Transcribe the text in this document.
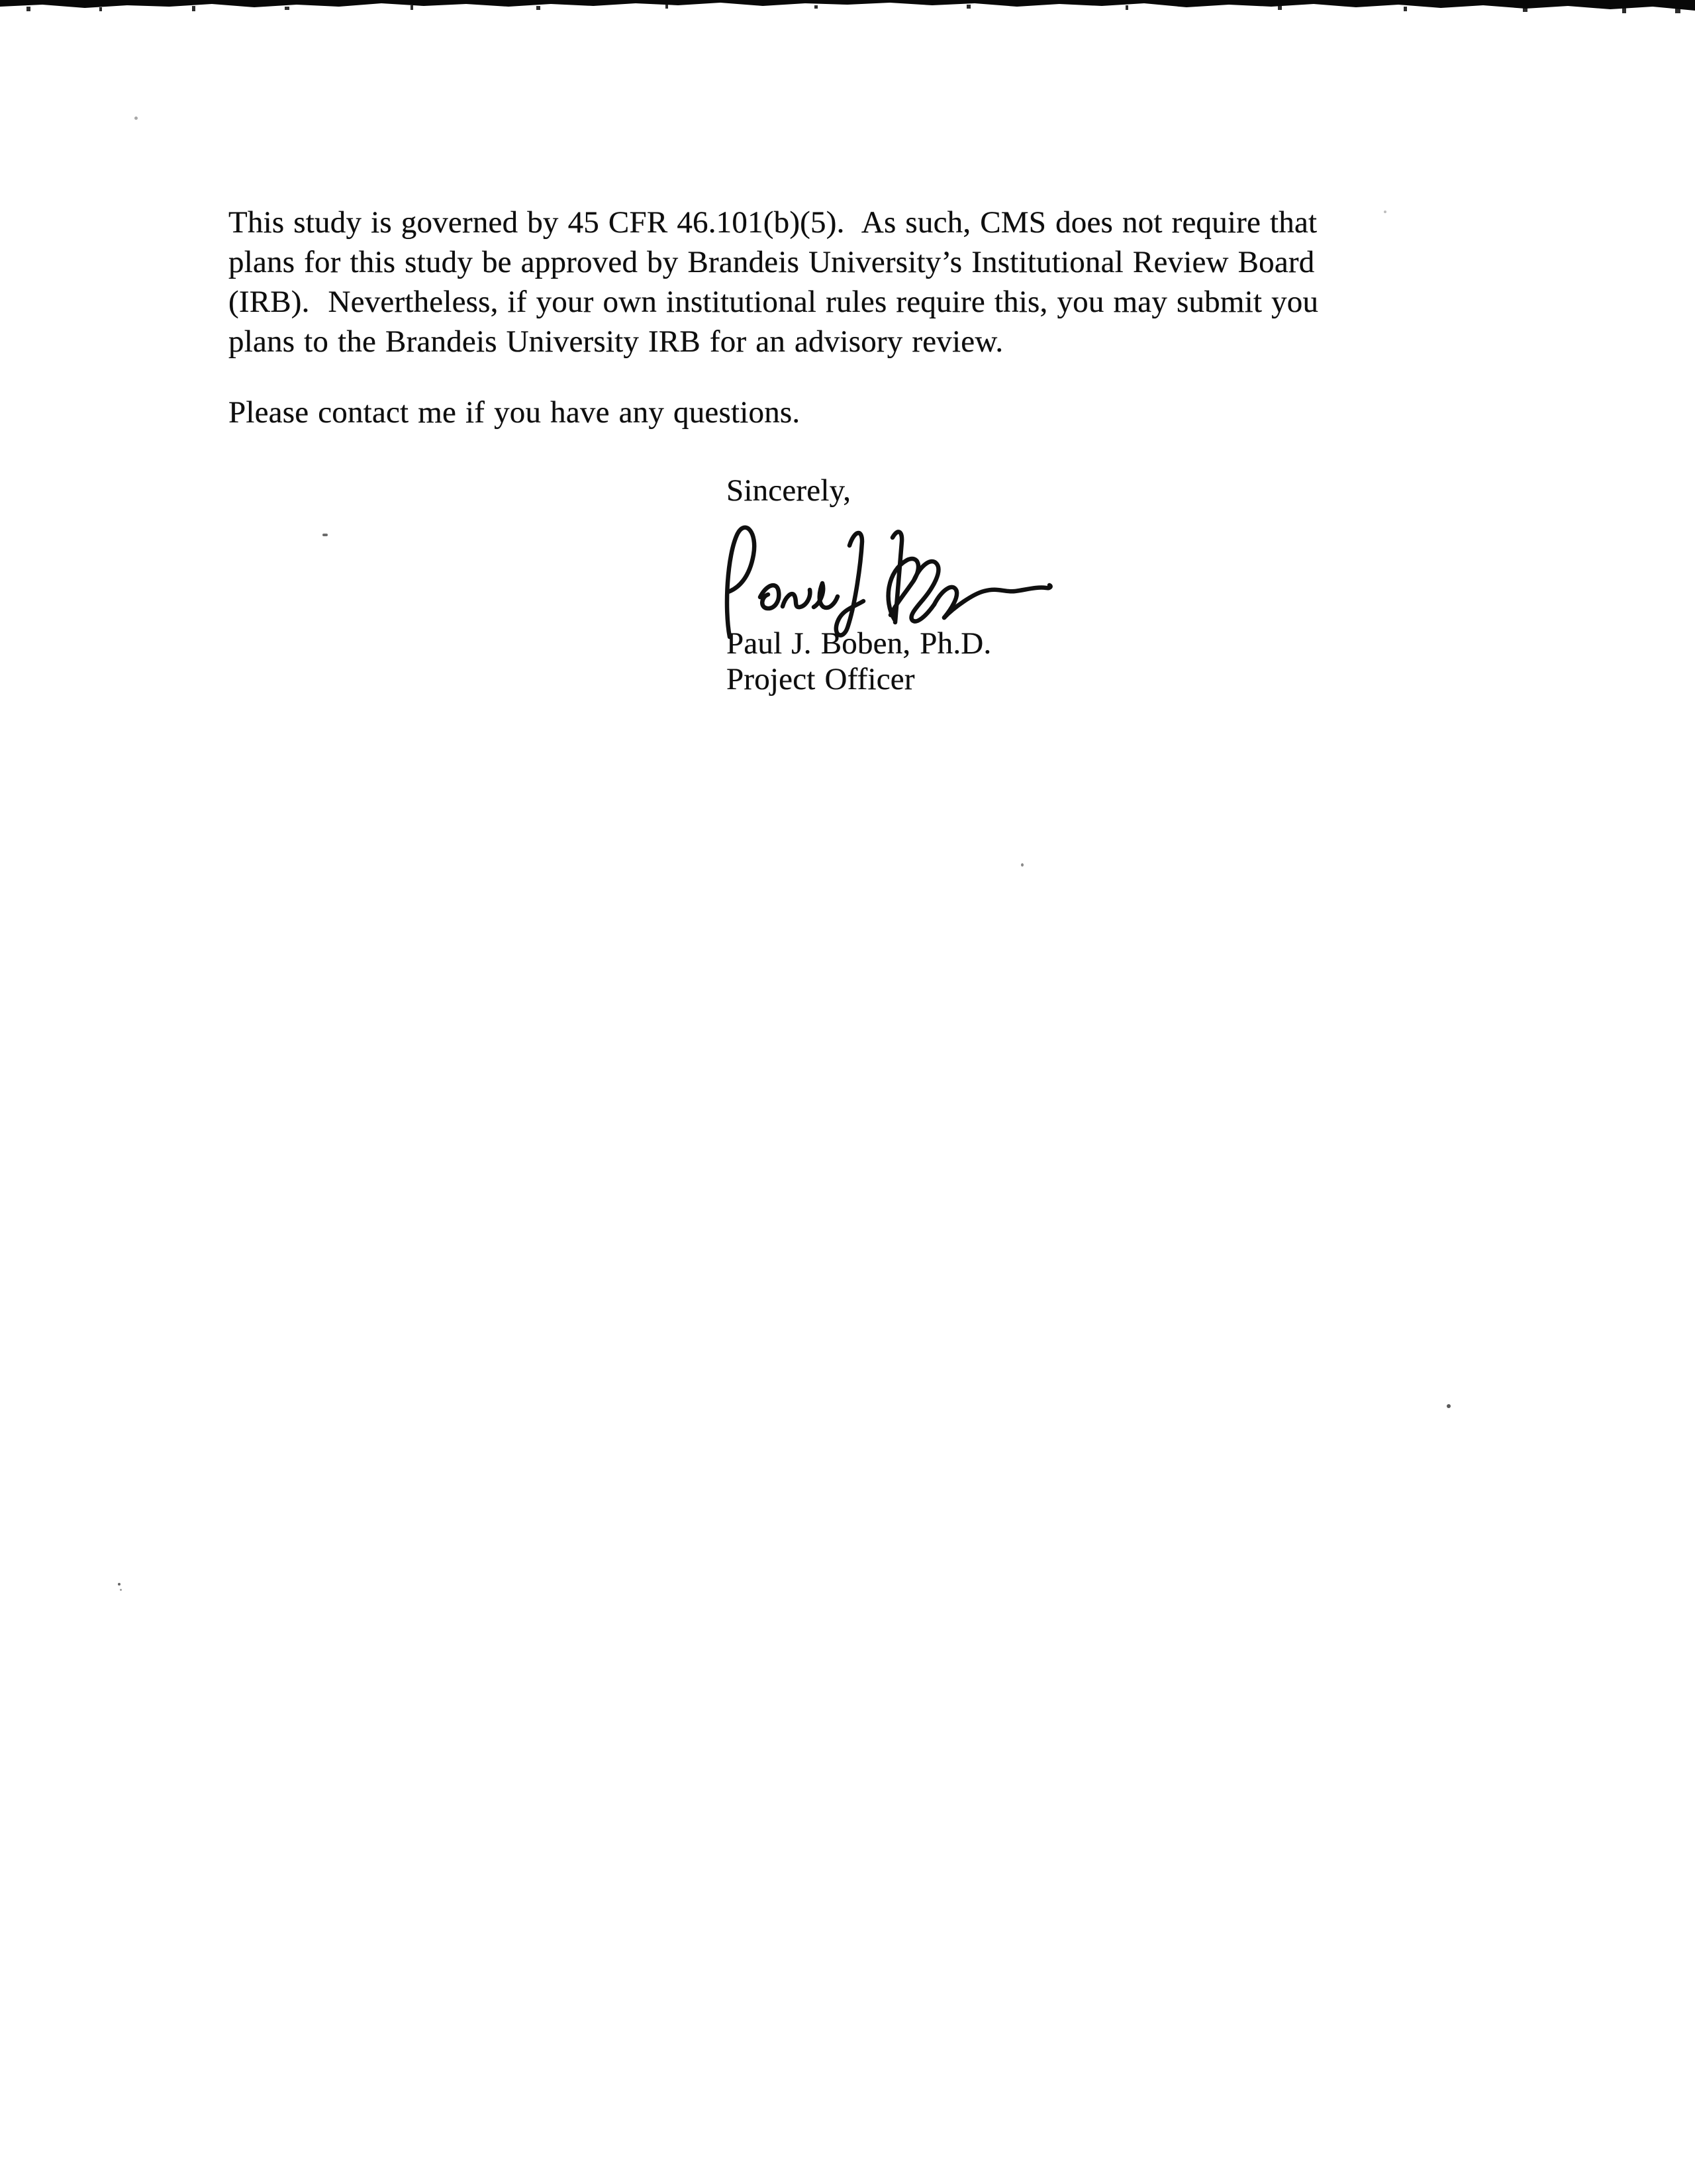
This study is governed by 45 CFR 46.101(b)(5).  As such, CMS does not require that
plans for this study be approved by Brandeis University’s Institutional Review Board
(IRB).  Nevertheless, if your own institutional rules require this, you may submit you
plans to the Brandeis University IRB for an advisory review.
Please contact me if you have any questions.
Sincerely,
Paul J. Boben, Ph.D.
Project Officer
